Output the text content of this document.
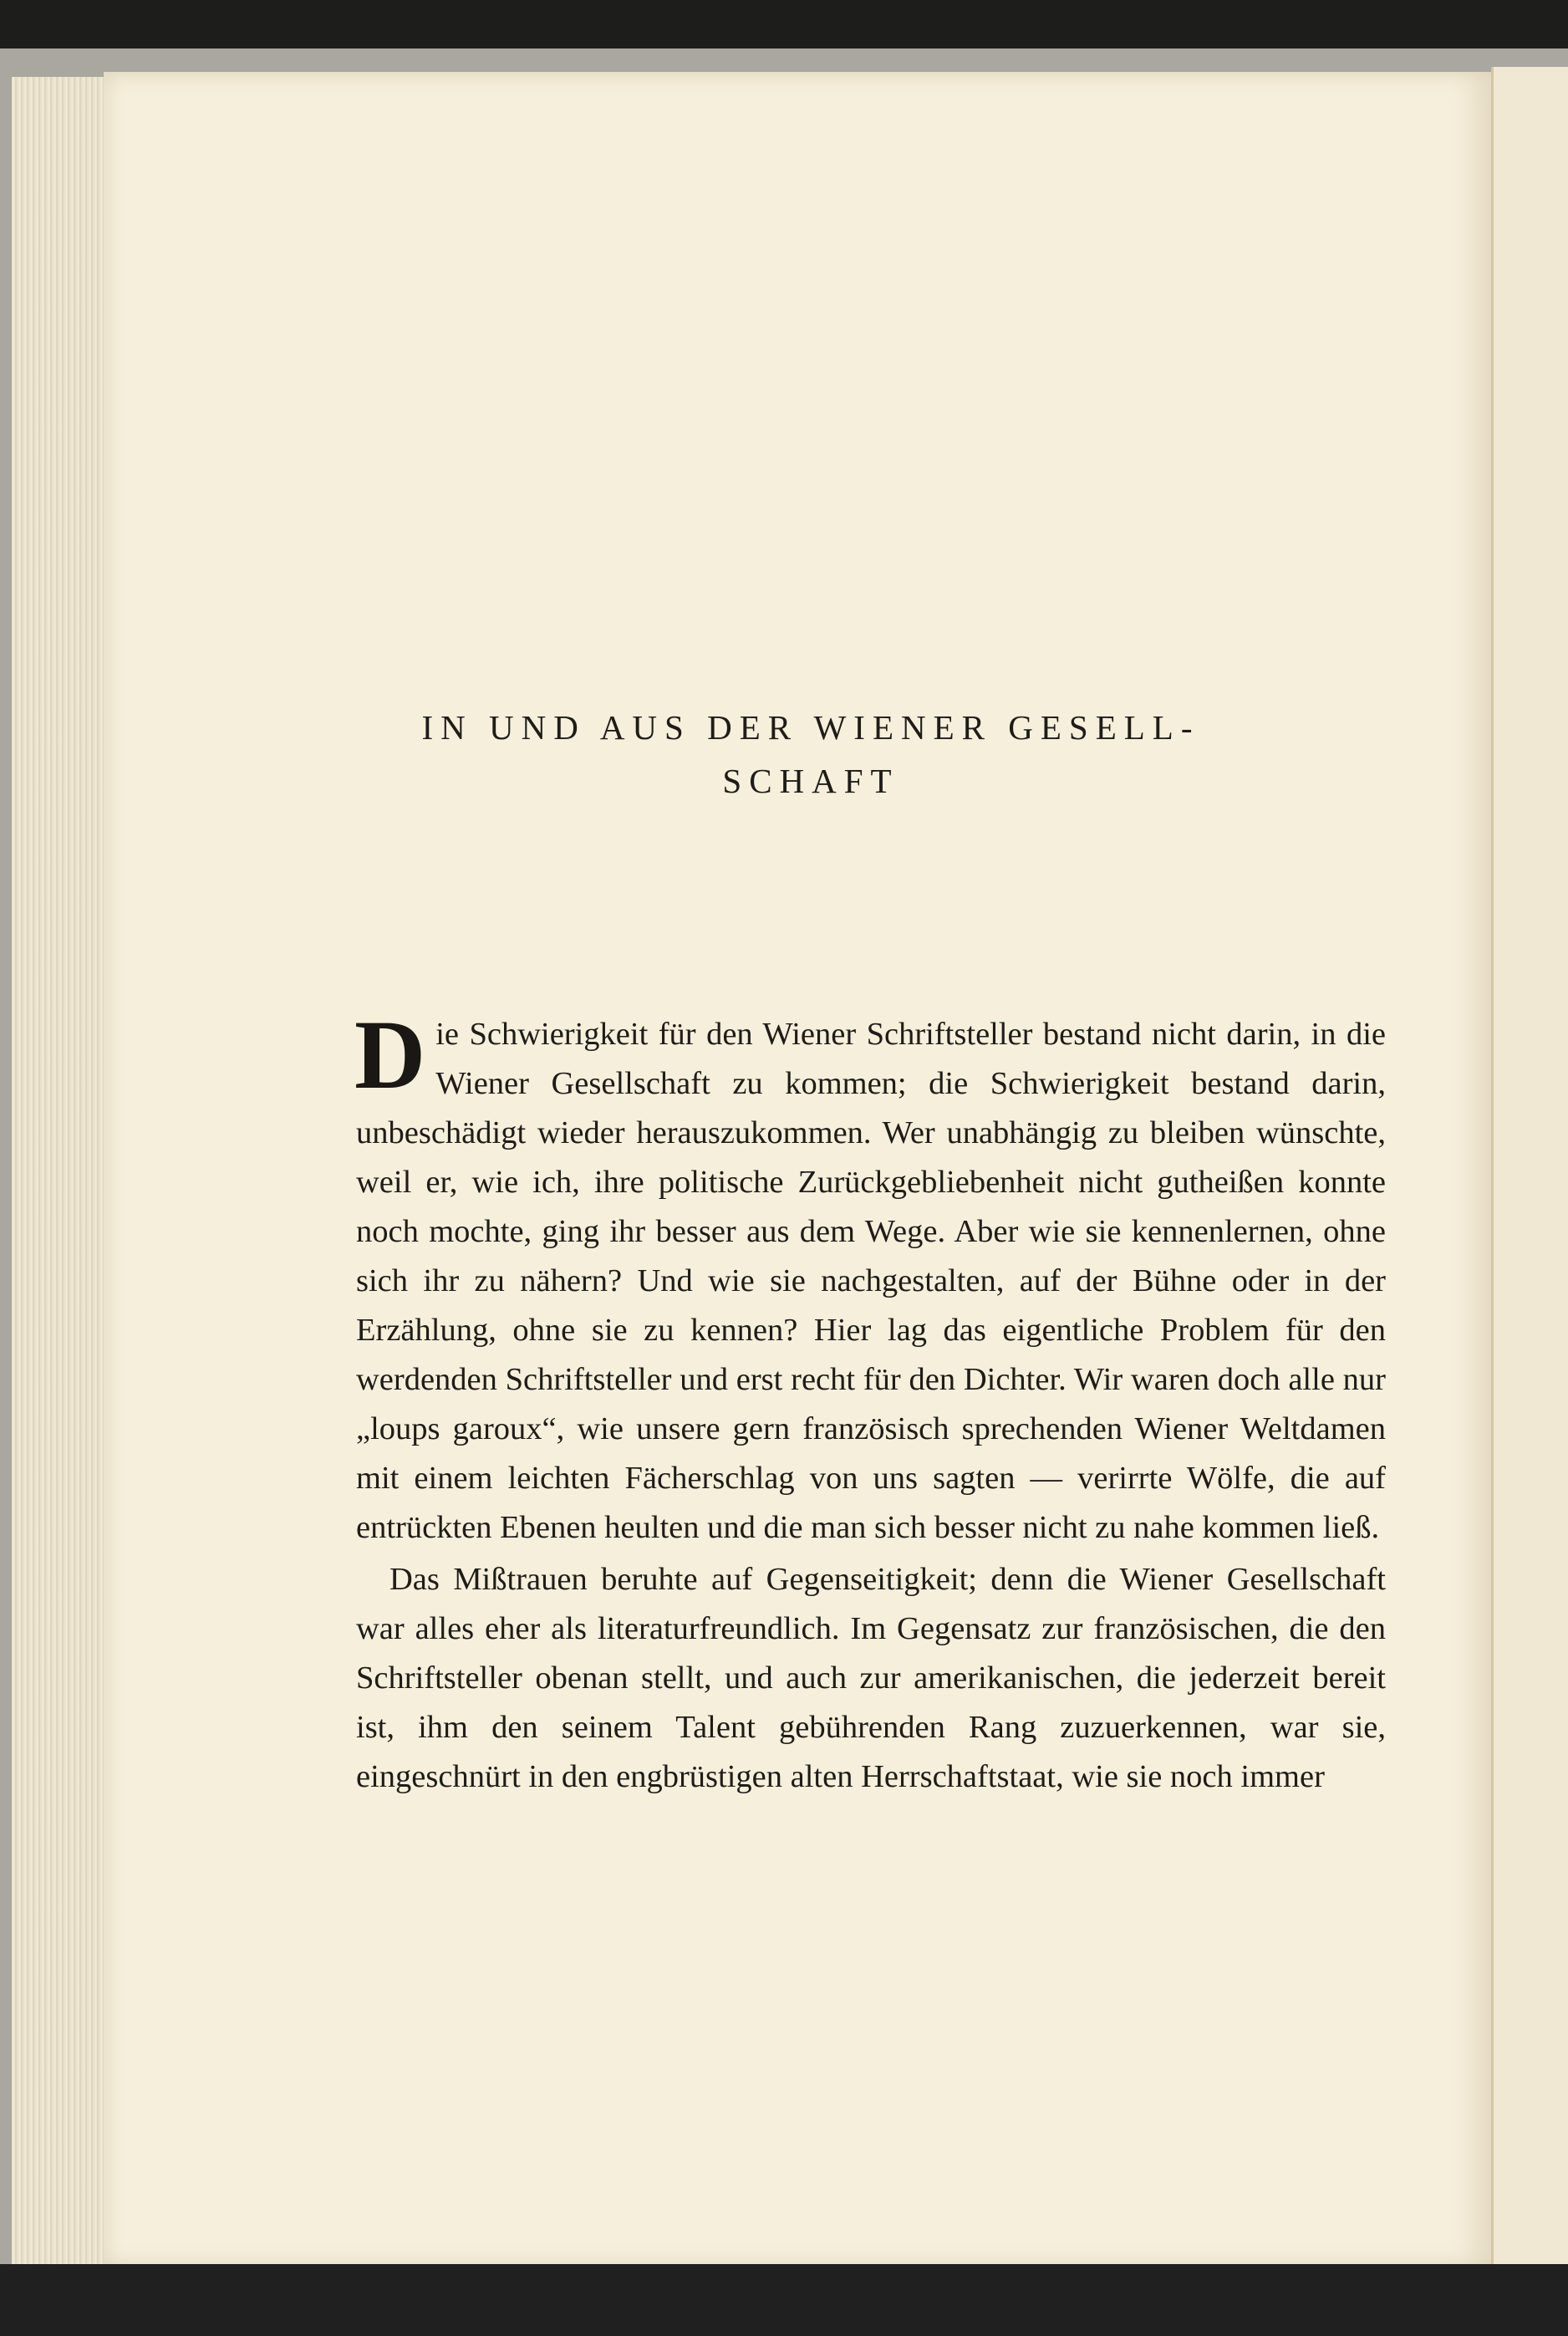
IN UND AUS DER WIENER GESELL-
SCHAFT

Die Schwierigkeit für den Wiener Schriftsteller bestand nicht darin, in die Wiener Gesellschaft zu kommen; die Schwierigkeit bestand darin, unbeschädigt wieder herauszukommen. Wer unabhängig zu bleiben wünschte, weil er, wie ich, ihre politische Zurückgebliebenheit nicht gutheißen konnte noch mochte, ging ihr besser aus dem Wege. Aber wie sie kennenlernen, ohne sich ihr zu nähern? Und wie sie nachgestalten, auf der Bühne oder in der Erzählung, ohne sie zu kennen? Hier lag das eigentliche Problem für den werdenden Schriftsteller und erst recht für den Dichter. Wir waren doch alle nur „loups garoux“, wie unsere gern französisch sprechenden Wiener Weltdamen mit einem leichten Fächerschlag von uns sagten — verirrte Wölfe, die auf entrückten Ebenen heulten und die man sich besser nicht zu nahe kommen ließ.

Das Mißtrauen beruhte auf Gegenseitigkeit; denn die Wiener Gesellschaft war alles eher als literaturfreundlich. Im Gegensatz zur französischen, die den Schriftsteller obenan stellt, und auch zur amerikanischen, die jederzeit bereit ist, ihm den seinem Talent gebührenden Rang zuzuerkennen, war sie, eingeschnürt in den engbrüstigen alten Herrschaftstaat, wie sie noch immer
